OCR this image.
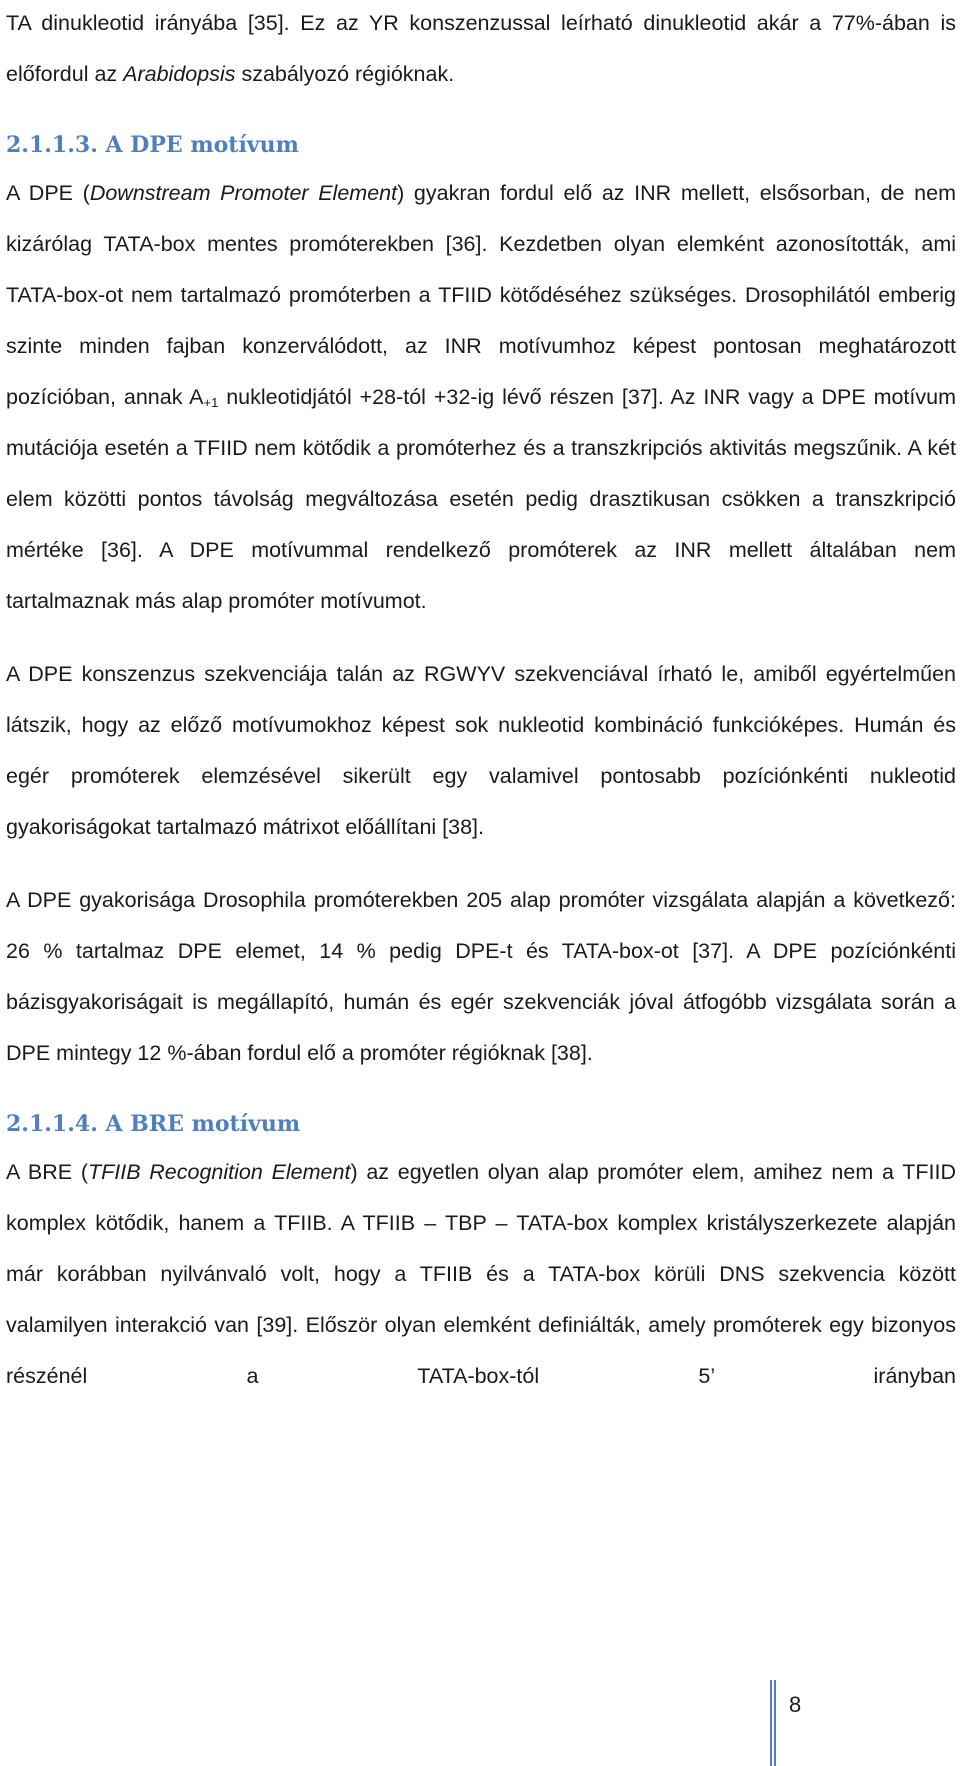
TA dinukleotid irányába [35]. Ez az YR konszenzussal leírható dinukleotid akár a 77%-ában is előfordul az Arabidopsis szabályozó régióknak.

2.1.1.3. A DPE motívum

A DPE (Downstream Promoter Element) gyakran fordul elő az INR mellett, elsősorban, de nem kizárólag TATA-box mentes promóterekben [36]. Kezdetben olyan elemként azonosították, ami TATA-box-ot nem tartalmazó promóterben a TFIID kötődéséhez szükséges. Drosophilától emberig szinte minden fajban konzerválódott, az INR motívumhoz képest pontosan meghatározott pozícióban, annak $A_{+1}$ nukleotidjától +28-tól +32-ig lévő részen [37]. Az INR vagy a DPE motívum mutációja esetén a TFIID nem kötődik a promóterhez és a transzkripciós aktivitás megszűnik. A két elem közötti pontos távolság megváltozása esetén pedig drasztikusan csökken a transzkripció mértéke [36]. A DPE motívummal rendelkező promóterek az INR mellett általában nem tartalmaznak más alap promóter motívumot.

A DPE konszenzus szekvenciája talán az RGWYV szekvenciával írható le, amiből egyértelműen látszik, hogy az előző motívumokhoz képest sok nukleotid kombináció funkcióképes. Humán és egér promóterek elemzésével sikerült egy valamivel pontosabb pozíciónkénti nukleotid gyakoriságokat tartalmazó mátrixot előállítani [38].

A DPE gyakorisága Drosophila promóterekben 205 alap promóter vizsgálata alapján a következő: 26 % tartalmaz DPE elemet, 14 % pedig DPE-t és TATA-box-ot [37]. A DPE pozíciónkénti bázisgyakoriságait is megállapító, humán és egér szekvenciák jóval átfogóbb vizsgálata során a DPE mintegy 12 %-ában fordul elő a promóter régióknak [38].

2.1.1.4. A BRE motívum

A BRE (TFIIB Recognition Element) az egyetlen olyan alap promóter elem, amihez nem a TFIID komplex kötődik, hanem a TFIIB. A TFIIB – TBP – TATA-box komplex kristályszerkezete alapján már korábban nyilvánvaló volt, hogy a TFIIB és a TATA-box körüli DNS szekvencia között valamilyen interakció van [39]. Először olyan elemként definiálták, amely promóterek egy bizonyos részénél a TATA-box-tól 5’ irányban

8
